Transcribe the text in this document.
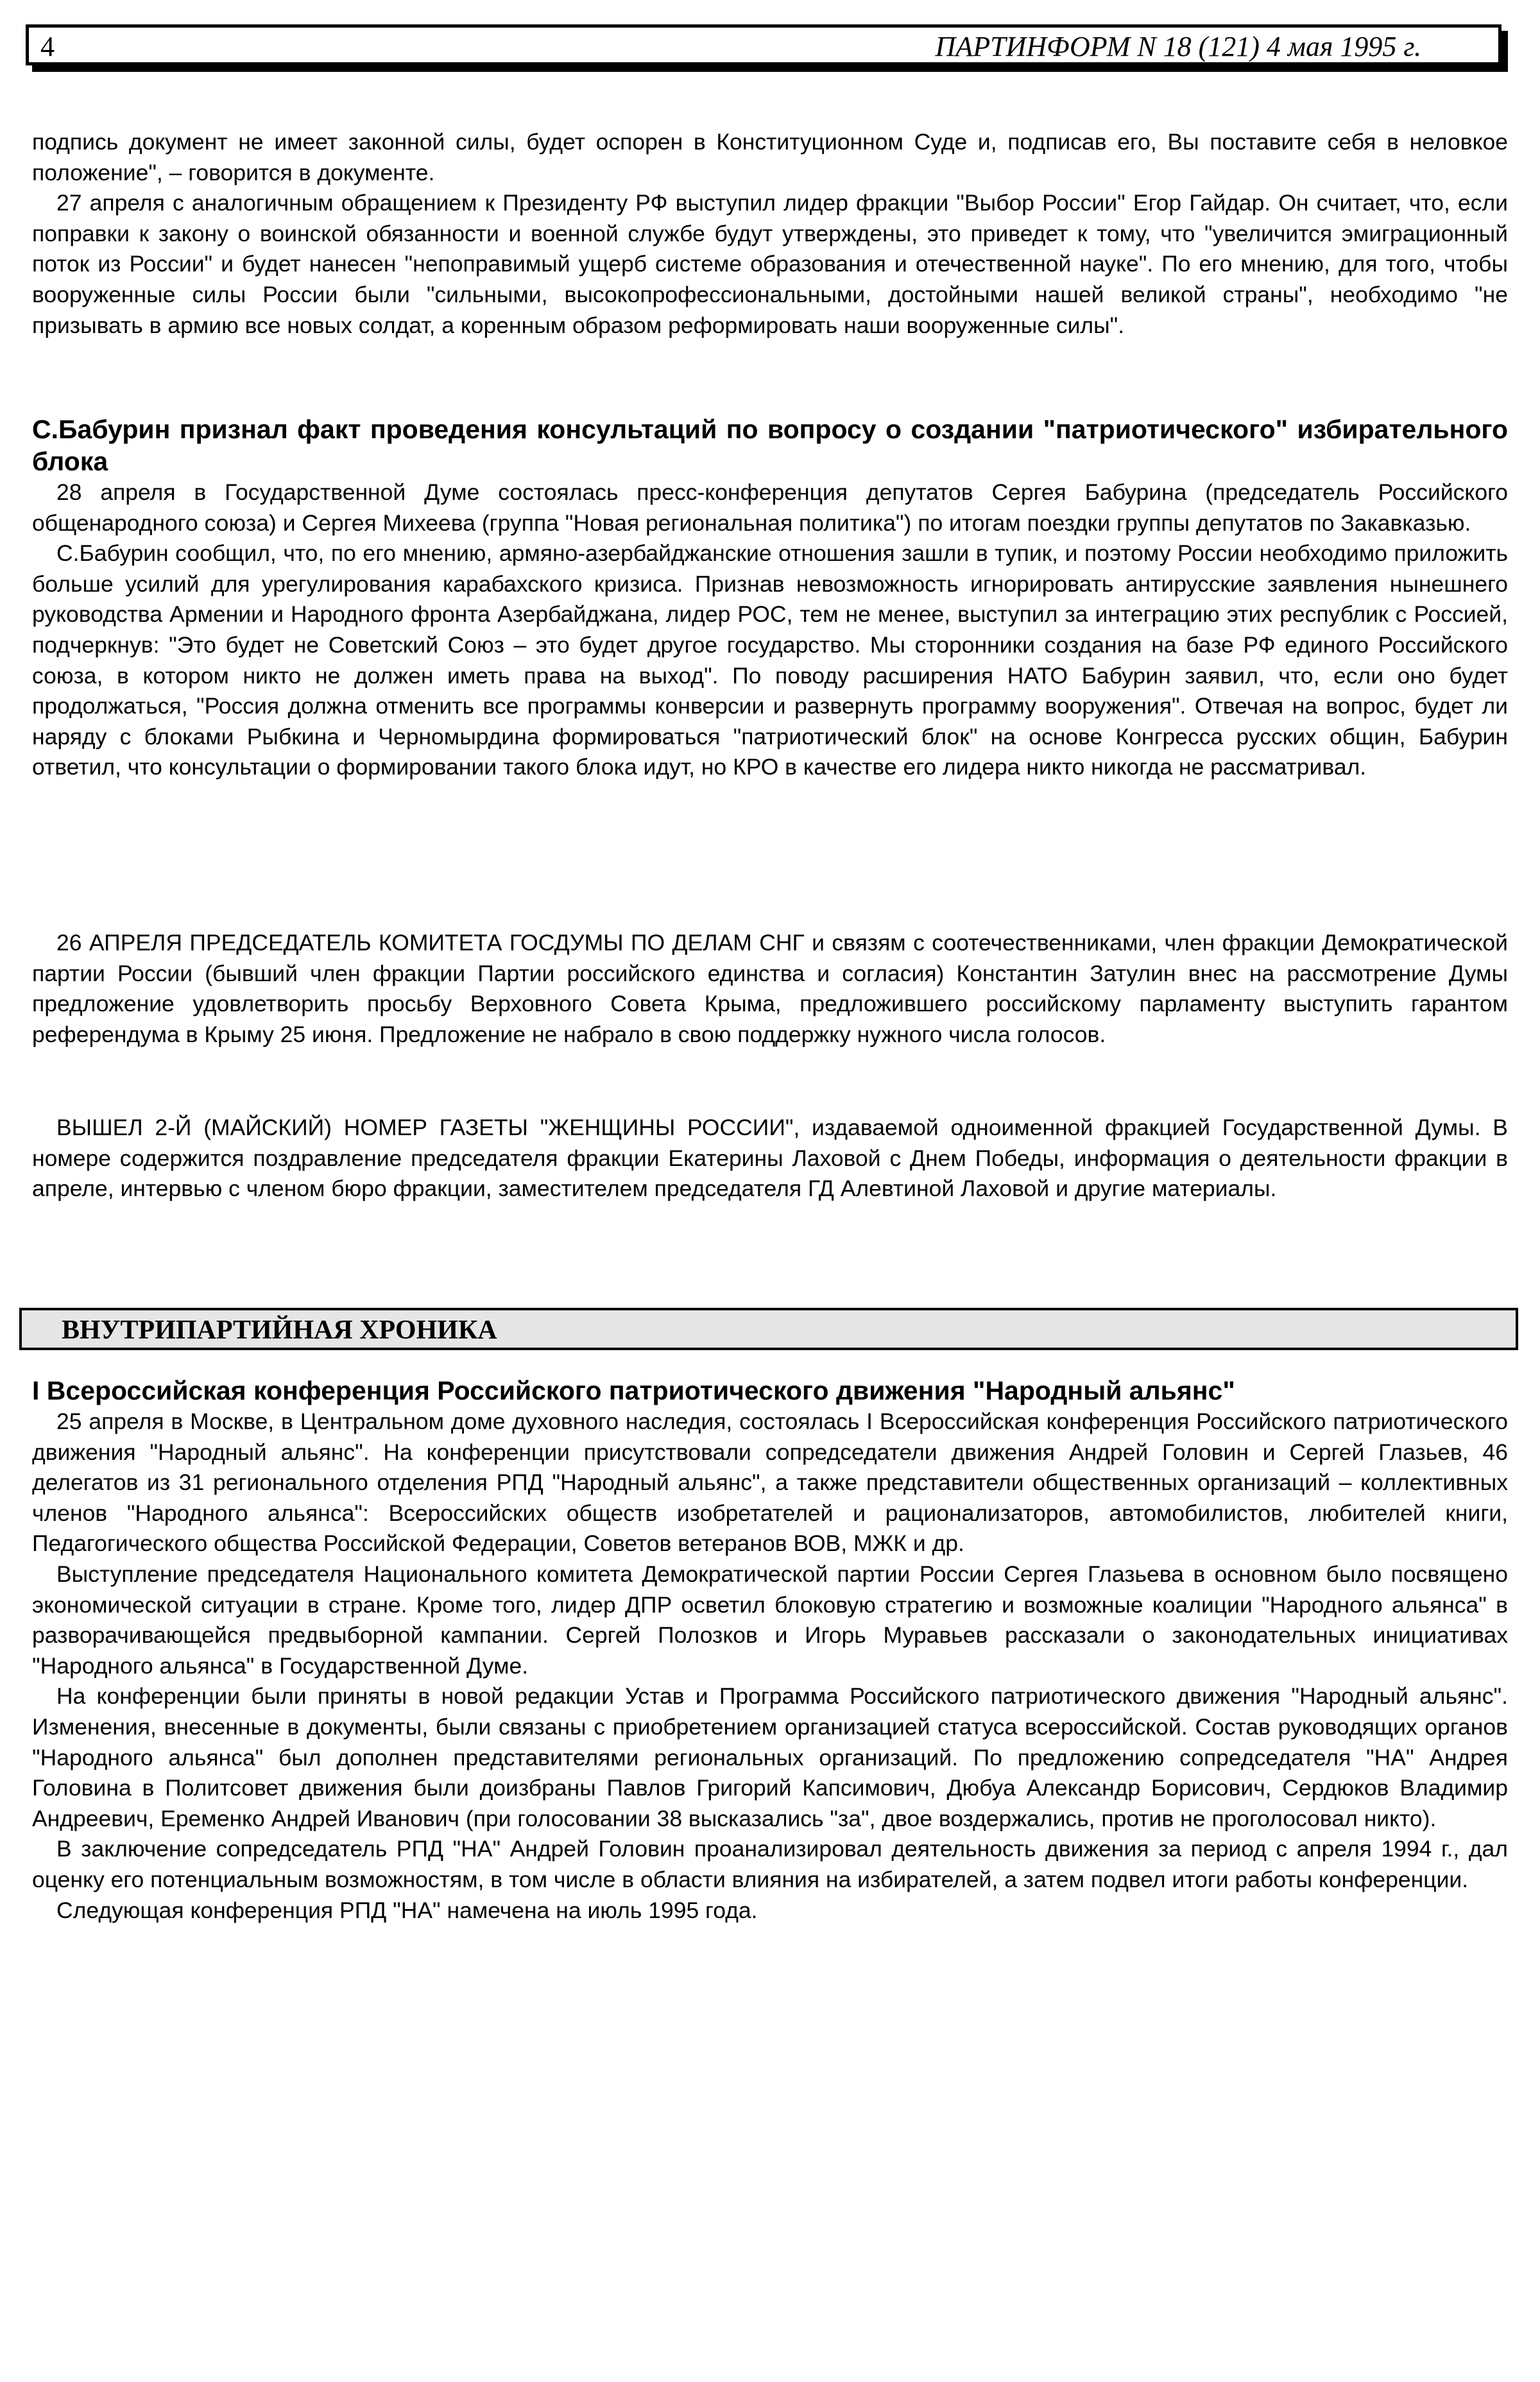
4	ПАРТИНФОРМ N 18 (121) 4 мая 1995 г.

подпись документ не имеет законной силы, будет оспорен в Конституционном Суде и, подписав его, Вы поставите себя в неловкое положение", – говорится в документе.

27 апреля с аналогичным обращением к Президенту РФ выступил лидер фракции "Выбор России" Егор Гайдар. Он считает, что, если поправки к закону о воинской обязанности и военной службе будут утверждены, это приведет к тому, что "увеличится эмиграционный поток из России" и будет нанесен "непоправимый ущерб системе образования и отечественной науке". По его мнению, для того, чтобы вооруженные силы России были "сильными, высокопрофессиональными, достойными нашей великой страны", необходимо "не призывать в армию все новых солдат, а коренным образом реформировать наши вооруженные силы".

С.Бабурин признал факт проведения консультаций по вопросу о создании "патриотического" избирательного блока

28 апреля в Государственной Думе состоялась пресс-конференция депутатов Сергея Бабурина (председатель Российского общенародного союза) и Сергея Михеева (группа "Новая региональная политика") по итогам поездки группы депутатов по Закавказью.

С.Бабурин сообщил, что, по его мнению, армяно-азербайджанские отношения зашли в тупик, и поэтому России необходимо приложить больше усилий для урегулирования карабахского кризиса. Признав невозможность игнорировать антирусские заявления нынешнего руководства Армении и Народного фронта Азербайджана, лидер РОС, тем не менее, выступил за интеграцию этих республик с Россией, подчеркнув: "Это будет не Советский Союз – это будет другое государство. Мы сторонники создания на базе РФ единого Российского союза, в котором никто не должен иметь права на выход". По поводу расширения НАТО Бабурин заявил, что, если оно будет продолжаться, "Россия должна отменить все программы конверсии и развернуть программу вооружения". Отвечая на вопрос, будет ли наряду с блоками Рыбкина и Черномырдина формироваться "патриотический блок" на основе Конгресса русских общин, Бабурин ответил, что консультации о формировании такого блока идут, но КРО в качестве его лидера никто никогда не рассматривал.

26 АПРЕЛЯ ПРЕДСЕДАТЕЛЬ КОМИТЕТА ГОСДУМЫ ПО ДЕЛАМ СНГ и связям с соотечественниками, член фракции Демократической партии России (бывший член фракции Партии российского единства и согласия) Константин Затулин внес на рассмотрение Думы предложение удовлетворить просьбу Верховного Совета Крыма, предложившего российскому парламенту выступить гарантом референдума в Крыму 25 июня. Предложение не набрало в свою поддержку нужного числа голосов.

ВЫШЕЛ 2-Й (МАЙСКИЙ) НОМЕР ГАЗЕТЫ "ЖЕНЩИНЫ РОССИИ", издаваемой одноименной фракцией Государственной Думы. В номере содержится поздравление председателя фракции Екатерины Лаховой с Днем Победы, информация о деятельности фракции в апреле, интервью с членом бюро фракции, заместителем председателя ГД Алевтиной Лаховой и другие материалы.

ВНУТРИПАРТИЙНАЯ ХРОНИКА

I Всероссийская конференция Российского патриотического движения "Народный альянс"

25 апреля в Москве, в Центральном доме духовного наследия, состоялась I Всероссийская конференция Российского патриотического движения "Народный альянс". На конференции присутствовали сопредседатели движения Андрей Головин и Сергей Глазьев, 46 делегатов из 31 регионального отделения РПД "Народный альянс", а также представители общественных организаций – коллективных членов "Народного альянса": Всероссийских обществ изобретателей и рационализаторов, автомобилистов, любителей книги, Педагогического общества Российской Федерации, Советов ветеранов ВОВ, МЖК и др.

Выступление председателя Национального комитета Демократической партии России Сергея Глазьева в основном было посвящено экономической ситуации в стране. Кроме того, лидер ДПР осветил блоковую стратегию и возможные коалиции "Народного альянса" в разворачивающейся предвыборной кампании. Сергей Полозков и Игорь Муравьев рассказали о законодательных инициативах "Народного альянса" в Государственной Думе.

На конференции были приняты в новой редакции Устав и Программа Российского патриотического движения "Народный альянс". Изменения, внесенные в документы, были связаны с приобретением организацией статуса всероссийской. Состав руководящих органов "Народного альянса" был дополнен представителями региональных организаций. По предложению сопредседателя "НА" Андрея Головина в Политсовет движения были доизбраны Павлов Григорий Капсимович, Дюбуа Александр Борисович, Сердюков Владимир Андреевич, Еременко Андрей Иванович (при голосовании 38 высказались "за", двое воздержались, против не проголосовал никто).

В заключение сопредседатель РПД "НА" Андрей Головин проанализировал деятельность движения за период с апреля 1994 г., дал оценку его потенциальным возможностям, в том числе в области влияния на избирателей, а затем подвел итоги работы конференции.

Следующая конференция РПД "НА" намечена на июль 1995 года.
